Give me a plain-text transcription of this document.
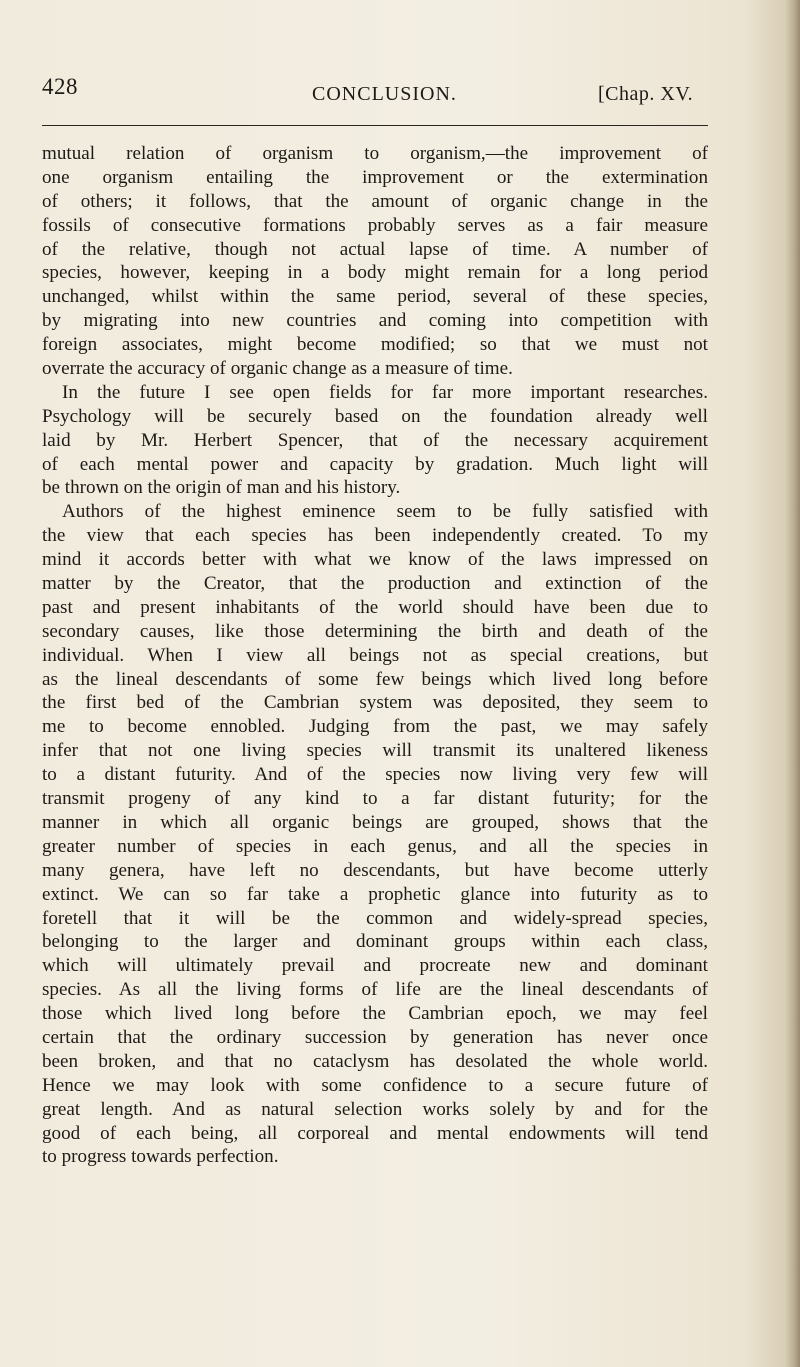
428	CONCLUSION.	[Chap. XV.
mutual relation of organism to organism,—the improvement of
one organism entailing the improvement or the extermination
of others; it follows, that the amount of organic change in the
fossils of consecutive formations probably serves as a fair measure
of the relative, though not actual lapse of time. A number of
species, however, keeping in a body might remain for a long period
unchanged, whilst within the same period, several of these species,
by migrating into new countries and coming into competition with
foreign associates, might become modified; so that we must not
overrate the accuracy of organic change as a measure of time.
In the future I see open fields for far more important researches.
Psychology will be securely based on the foundation already well
laid by Mr. Herbert Spencer, that of the necessary acquirement
of each mental power and capacity by gradation. Much light will
be thrown on the origin of man and his history.
Authors of the highest eminence seem to be fully satisfied with
the view that each species has been independently created. To my
mind it accords better with what we know of the laws impressed on
matter by the Creator, that the production and extinction of the
past and present inhabitants of the world should have been due to
secondary causes, like those determining the birth and death of the
individual. When I view all beings not as special creations, but
as the lineal descendants of some few beings which lived long before
the first bed of the Cambrian system was deposited, they seem to
me to become ennobled. Judging from the past, we may safely
infer that not one living species will transmit its unaltered likeness
to a distant futurity. And of the species now living very few will
transmit progeny of any kind to a far distant futurity; for the
manner in which all organic beings are grouped, shows that the
greater number of species in each genus, and all the species in
many genera, have left no descendants, but have become utterly
extinct. We can so far take a prophetic glance into futurity as to
foretell that it will be the common and widely-spread species,
belonging to the larger and dominant groups within each class,
which will ultimately prevail and procreate new and dominant
species. As all the living forms of life are the lineal descendants of
those which lived long before the Cambrian epoch, we may feel
certain that the ordinary succession by generation has never once
been broken, and that no cataclysm has desolated the whole world.
Hence we may look with some confidence to a secure future of
great length. And as natural selection works solely by and for the
good of each being, all corporeal and mental endowments will tend
to progress towards perfection.
